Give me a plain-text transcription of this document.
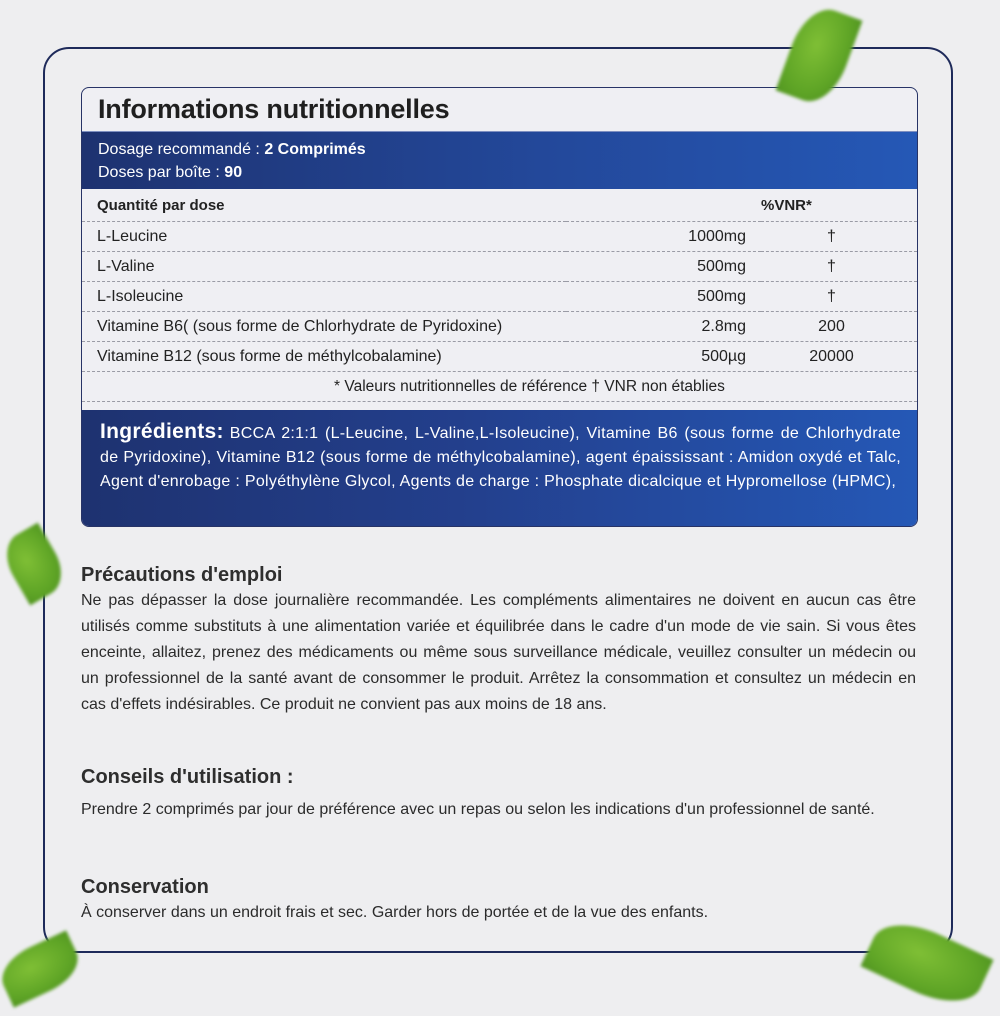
Informations nutritionnelles
Dosage recommandé : 2 Comprimés
Doses par boîte : 90
Quantité par dose		%VNR*
L-Leucine	1000mg	†
L-Valine	500mg	†
L-Isoleucine	500mg	†
Vitamine B6( (sous forme de Chlorhydrate de Pyridoxine)	2.8mg	200
Vitamine B12 (sous forme de méthylcobalamine)	500µg	20000
* Valeurs nutritionnelles de référence † VNR non établies		
Ingrédients: BCCA 2:1:1 (L-Leucine, L-Valine,L-Isoleucine), Vitamine B6 (sous forme de Chlorhydrate de Pyridoxine), Vitamine B12 (sous forme de méthylcobalamine), agent épaississant : Amidon oxydé et Talc, Agent d'enrobage : Polyéthylène Glycol, Agents de charge : Phosphate dicalcique et Hypromellose (HPMC),
Précautions d'emploi

Ne pas dépasser la dose journalière recommandée. Les compléments alimentaires ne doivent en aucun cas être utilisés comme substituts à une alimentation variée et équilibrée dans le cadre d'un mode de vie sain. Si vous êtes enceinte, allaitez, prenez des médicaments ou même sous surveillance médicale, veuillez consulter un médecin ou un professionnel de la santé avant de consommer le produit. Arrêtez la consommation et consultez un médecin en cas d'effets indésirables. Ce produit ne convient pas aux moins de 18 ans.

Conseils d'utilisation :

Prendre 2 comprimés par jour de préférence avec un repas ou selon les indications d'un professionnel de santé.

Conservation

À conserver dans un endroit frais et sec. Garder hors de portée et de la vue des enfants.
